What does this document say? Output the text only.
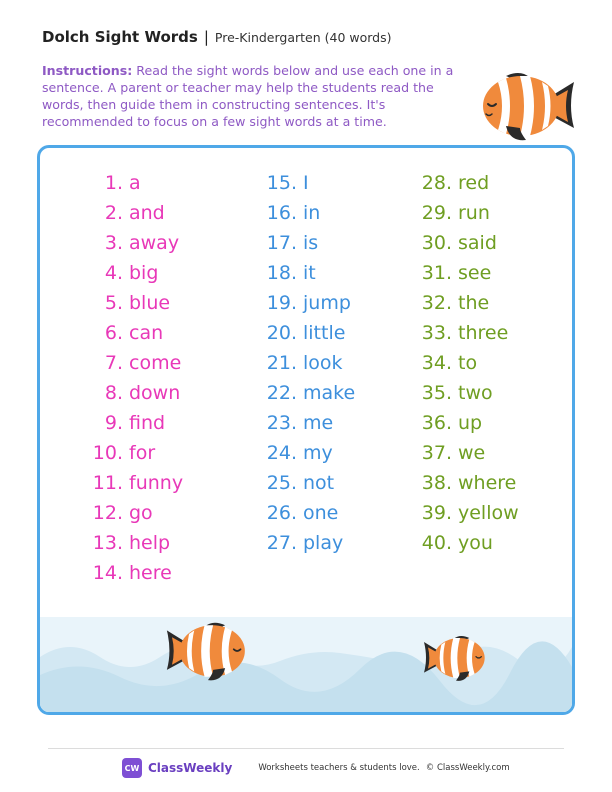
Dolch Sight Words | Pre-Kindergarten (40 words)
Instructions: Read the sight words below and use each one in a sentence. A parent or teacher may help the students read the words, then guide them in constructing sentences. It's recommended to focus on a few sight words at a time.
1. a
2. and
3. away
4. big
5. blue
6. can
7. come
8. down
9. find
10. for
11. funny
12. go
13. help
14. here
15. I
16. in
17. is
18. it
19. jump
20. little
21. look
22. make
23. me
24. my
25. not
26. one
27. play
28. red
29. run
30. said
31. see
32. the
33. three
34. to
35. two
36. up
37. we
38. where
39. yellow
40. you
CW ClassWeekly	Worksheets teachers & students love. © ClassWeekly.com
